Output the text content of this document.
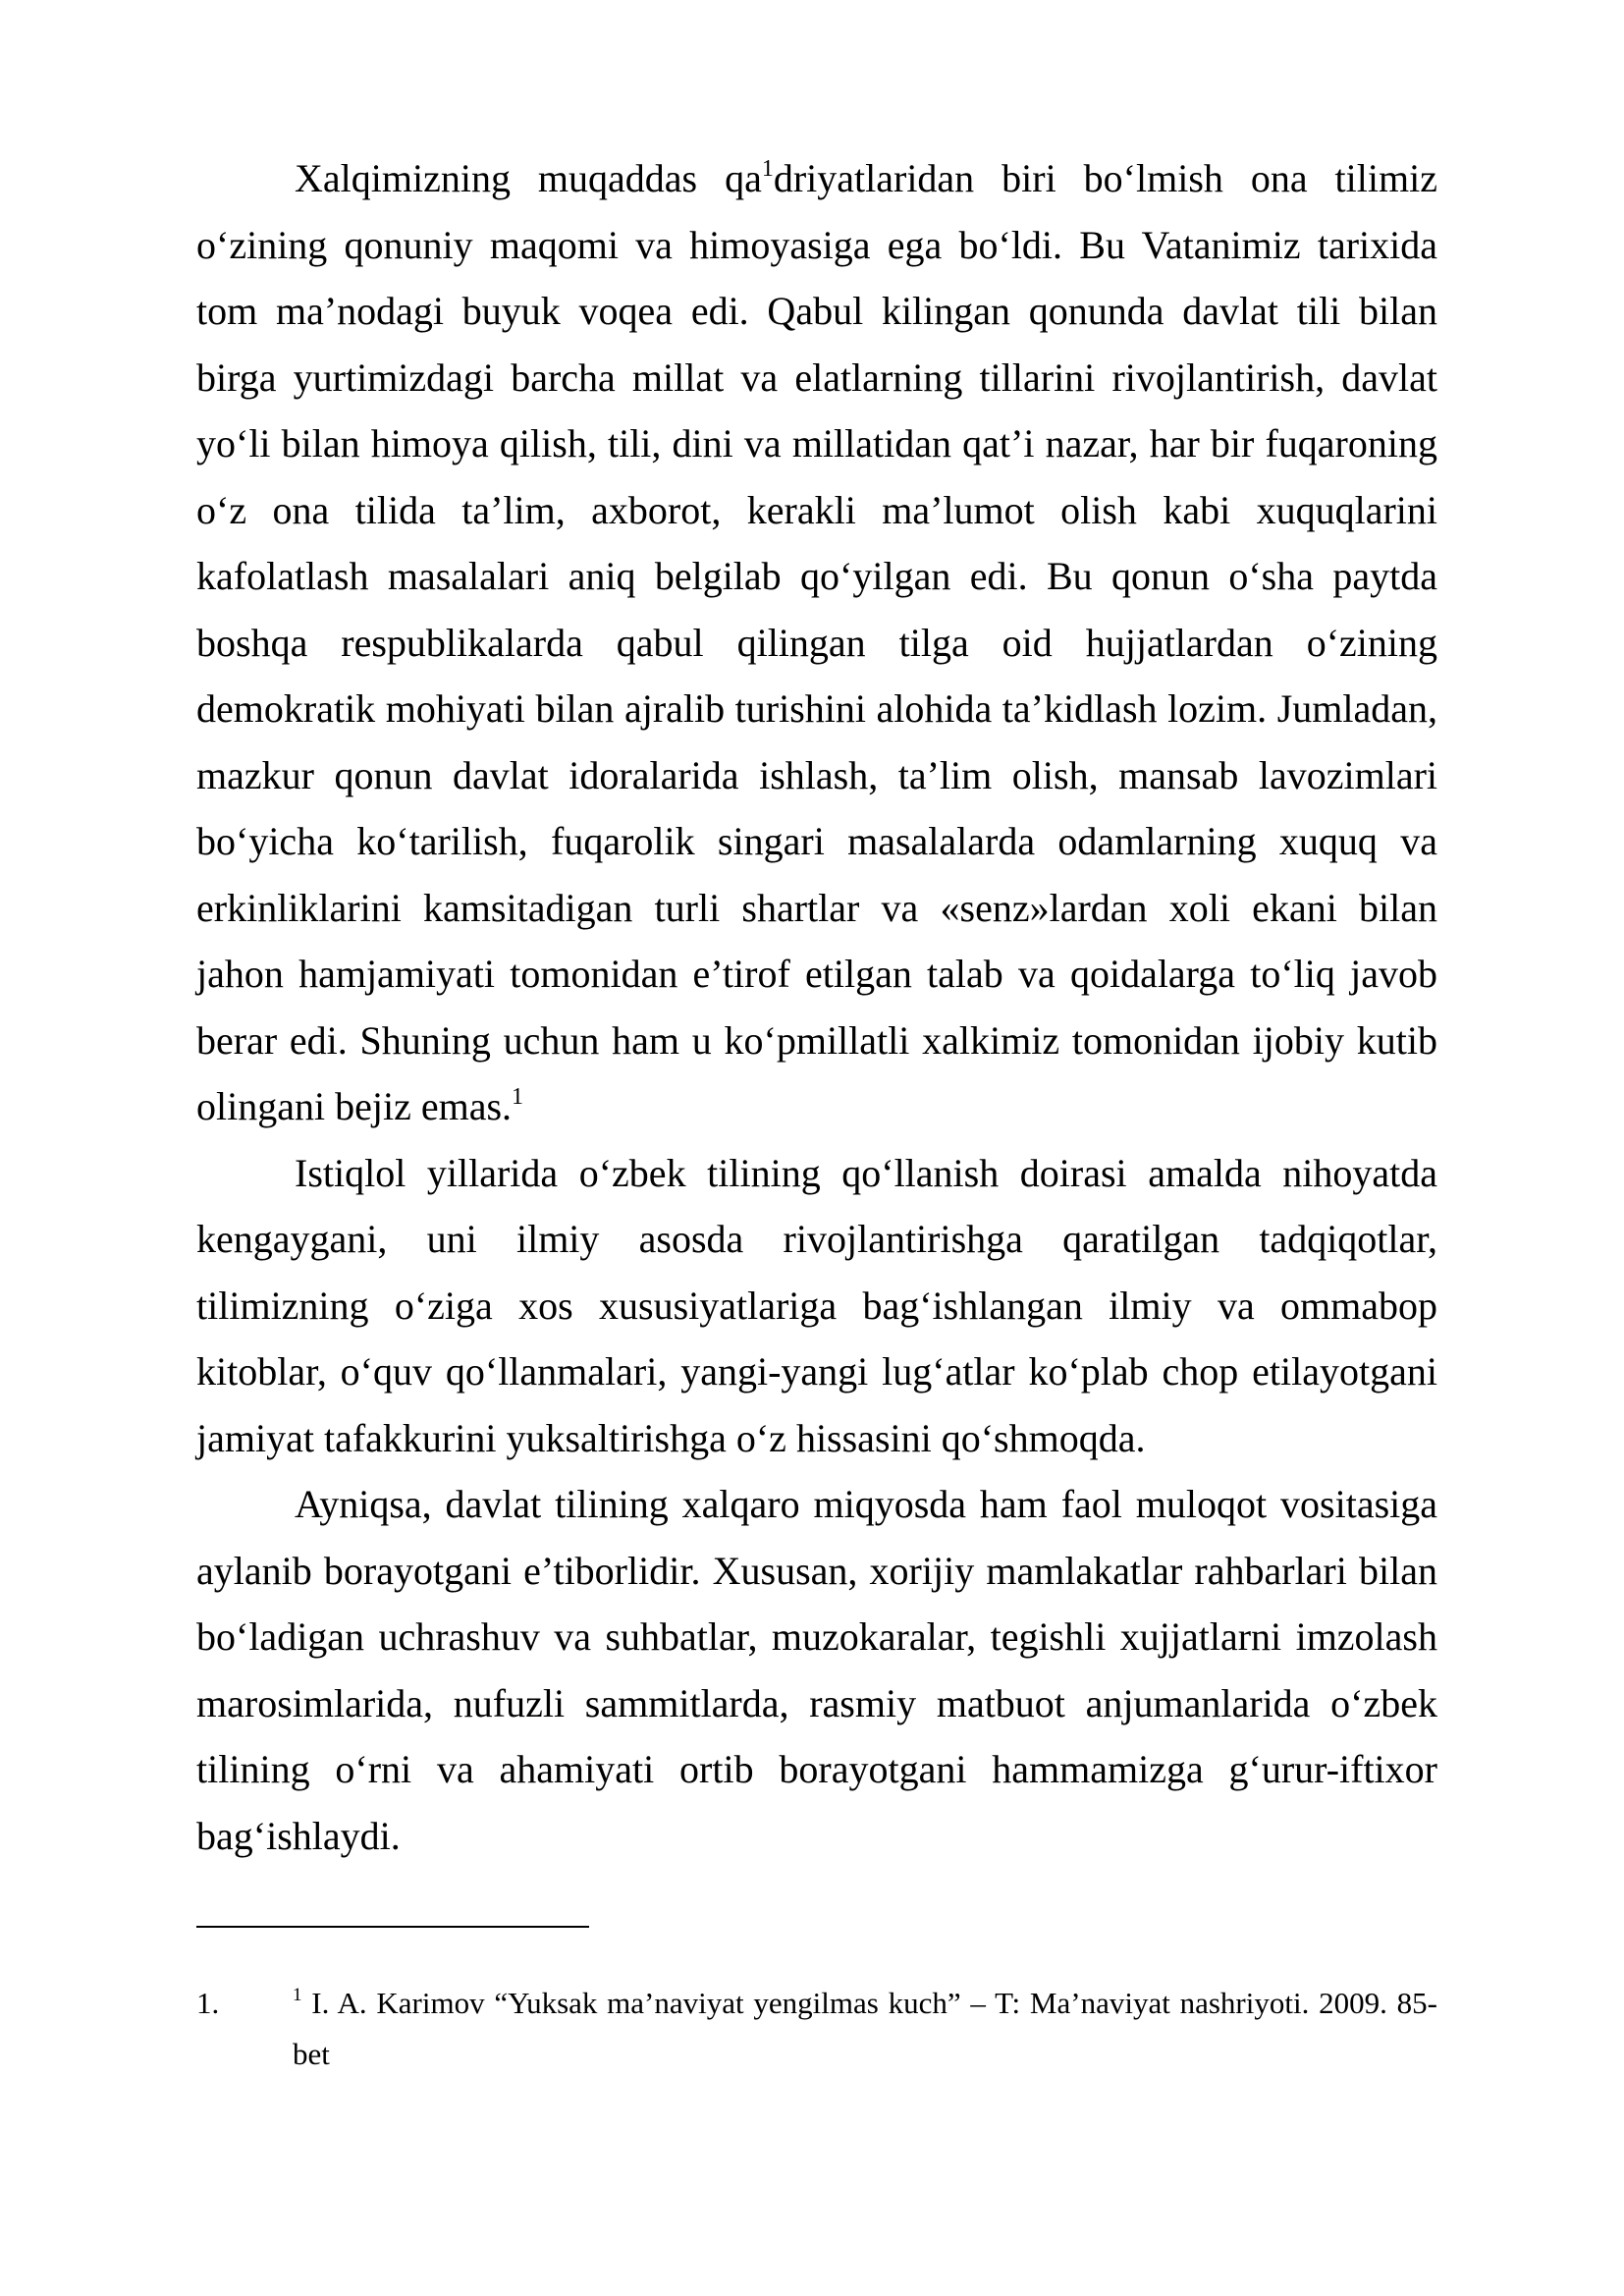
Xalqimizning muqaddas $qa^1driyatlaridan$ biri bo‘lmish ona tilimiz o‘zining qonuniy maqomi va himoyasiga ega bo‘ldi. Bu Vatanimiz tarixida tom ma’nodagi buyuk voqea edi. Qabul kilingan qonunda davlat tili bilan birga yurtimizdagi barcha millat va elatlarning tillarini rivojlantirish, davlat yo‘li bilan himoya qilish, tili, dini va millatidan qat’i nazar, har bir fuqaroning o‘z ona tilida ta’lim, axborot, kerakli ma’lumot olish kabi xuquqlarini kafolatlash masalalari aniq belgilab qo‘yilgan edi. Bu qonun o‘sha paytda boshqa respublikalarda qabul qilingan tilga oid hujjatlardan o‘zining demokratik mohiyati bilan ajralib turishini alohida ta’kidlash lozim. Jumladan, mazkur qonun davlat idoralarida ishlash, ta’lim olish, mansab lavozimlari bo‘yicha ko‘tarilish, fuqarolik singari masalalarda odamlarning xuquq va erkinliklarini kamsitadigan turli shartlar va «senz»lardan xoli ekani bilan jahon hamjamiyati tomonidan e’tirof etilgan talab va qoidalarga to‘liq javob berar edi. Shuning uchun ham u ko‘pmillatli xalkimiz tomonidan ijobiy kutib olingani bejiz emas.$^1$

Istiqlol yillarida o‘zbek tilining qo‘llanish doirasi amalda nihoyatda kengaygani, uni ilmiy asosda rivojlantirishga qaratilgan tadqiqotlar, tilimizning o‘ziga xos xususiyatlariga bag‘ishlangan ilmiy va ommabop kitoblar, o‘quv qo‘llanmalari, yangi-yangi lug‘atlar ko‘plab chop etilayotgani jamiyat tafakkurini yuksaltirishga o‘z hissasini qo‘shmoqda.

Ayniqsa, davlat tilining xalqaro miqyosda ham faol muloqot vositasiga aylanib borayotgani e’tiborlidir. Xususan, xorijiy mamlakatlar rahbarlari bilan bo‘ladigan uchrashuv va suhbatlar, muzokaralar, tegishli xujjatlarni imzolash marosimlarida, nufuzli sammitlarda, rasmiy matbuot anjumanlarida o‘zbek tilining o‘rni va ahamiyati ortib borayotgani hammamizga g‘urur-iftixor bag‘ishlaydi.

1.	$^1$ I. A. Karimov “Yuksak ma’naviyat yengilmas kuch” – T: Ma’naviyat nashriyoti. 2009. 85-bet
